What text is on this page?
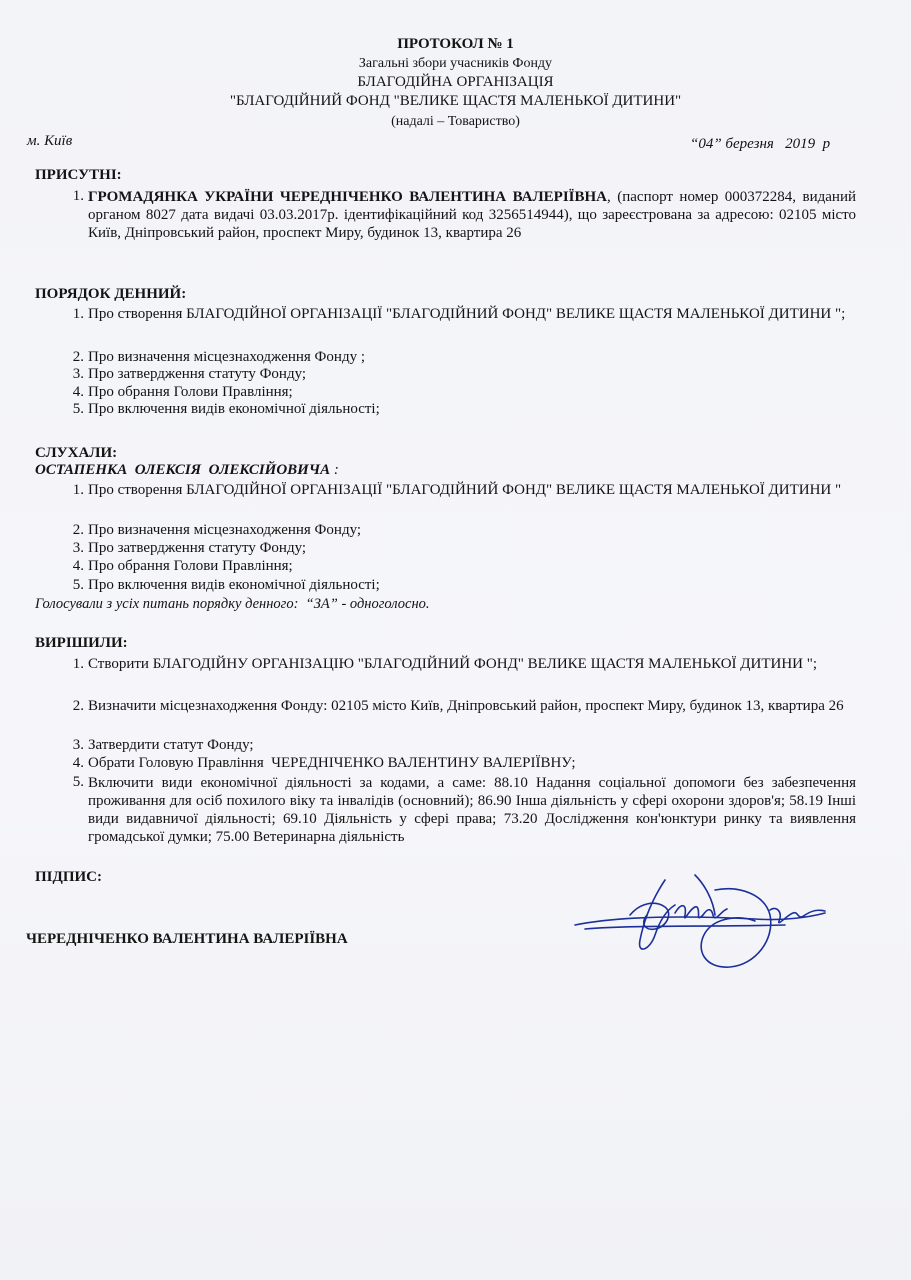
ПРОТОКОЛ № 1
Загальні збори учасників Фонду
БЛАГОДІЙНА ОРГАНІЗАЦІЯ
"БЛАГОДІЙНИЙ ФОНД "ВЕЛИКЕ ЩАСТЯ МАЛЕНЬКОЇ ДИТИНИ"
(надалі – Товариство)
м. Київ	“04” березня   2019  р
ПРИСУТНІ:
1. ГРОМАДЯНКА УКРАЇНИ ЧЕРЕДНІЧЕНКО ВАЛЕНТИНА ВАЛЕРІЇВНА, (паспорт номер 000372284, виданий органом 8027 дата видачі 03.03.2017р. ідентифікаційний код 3256514944), що зареєстрована за адресою: 02105 місто Київ, Дніпровський район, проспект Миру, будинок 13, квартира 26
ПОРЯДОК ДЕННИЙ:
1. Про створення БЛАГОДІЙНОЇ ОРГАНІЗАЦІЇ "БЛАГОДІЙНИЙ ФОНД" ВЕЛИКЕ ЩАСТЯ МАЛЕНЬКОЇ ДИТИНИ ";
2. Про визначення місцезнаходження Фонду ;
3. Про затвердження статуту Фонду;
4. Про обрання Голови Правління;
5. Про включення видів економічної діяльності;
СЛУХАЛИ:
ОСТАПЕНКА  ОЛЕКСІЯ  ОЛЕКСІЙОВИЧА :
1. Про створення БЛАГОДІЙНОЇ ОРГАНІЗАЦІЇ "БЛАГОДІЙНИЙ ФОНД" ВЕЛИКЕ ЩАСТЯ МАЛЕНЬКОЇ ДИТИНИ "
2. Про визначення місцезнаходження Фонду;
3. Про затвердження статуту Фонду;
4. Про обрання Голови Правління;
5. Про включення видів економічної діяльності;
Голосували з усіх питань порядку денного:  “ЗА” - одноголосно.
ВИРІШИЛИ:
1. Створити БЛАГОДІЙНУ ОРГАНІЗАЦІЮ "БЛАГОДІЙНИЙ ФОНД" ВЕЛИКЕ ЩАСТЯ МАЛЕНЬКОЇ ДИТИНИ ";
2. Визначити місцезнаходження Фонду: 02105 місто Київ, Дніпровський район, проспект Миру, будинок 13, квартира 26
3. Затвердити статут Фонду;
4. Обрати Головую Правління  ЧЕРЕДНІЧЕНКО ВАЛЕНТИНУ ВАЛЕРІЇВНУ;
5. Включити види економічної діяльності за кодами, а саме: 88.10 Надання соціальної допомоги без забезпечення проживання для осіб похилого віку та інвалідів (основний); 86.90 Інша діяльність у сфері охорони здоров'я; 58.19 Інші види видавничої діяльності; 69.10 Діяльність у сфері права; 73.20 Дослідження кон'юнктури ринку та виявлення громадської думки; 75.00 Ветеринарна діяльність
ПІДПИС:
ЧЕРЕДНІЧЕНКО ВАЛЕНТИНА ВАЛЕРІЇВНА
